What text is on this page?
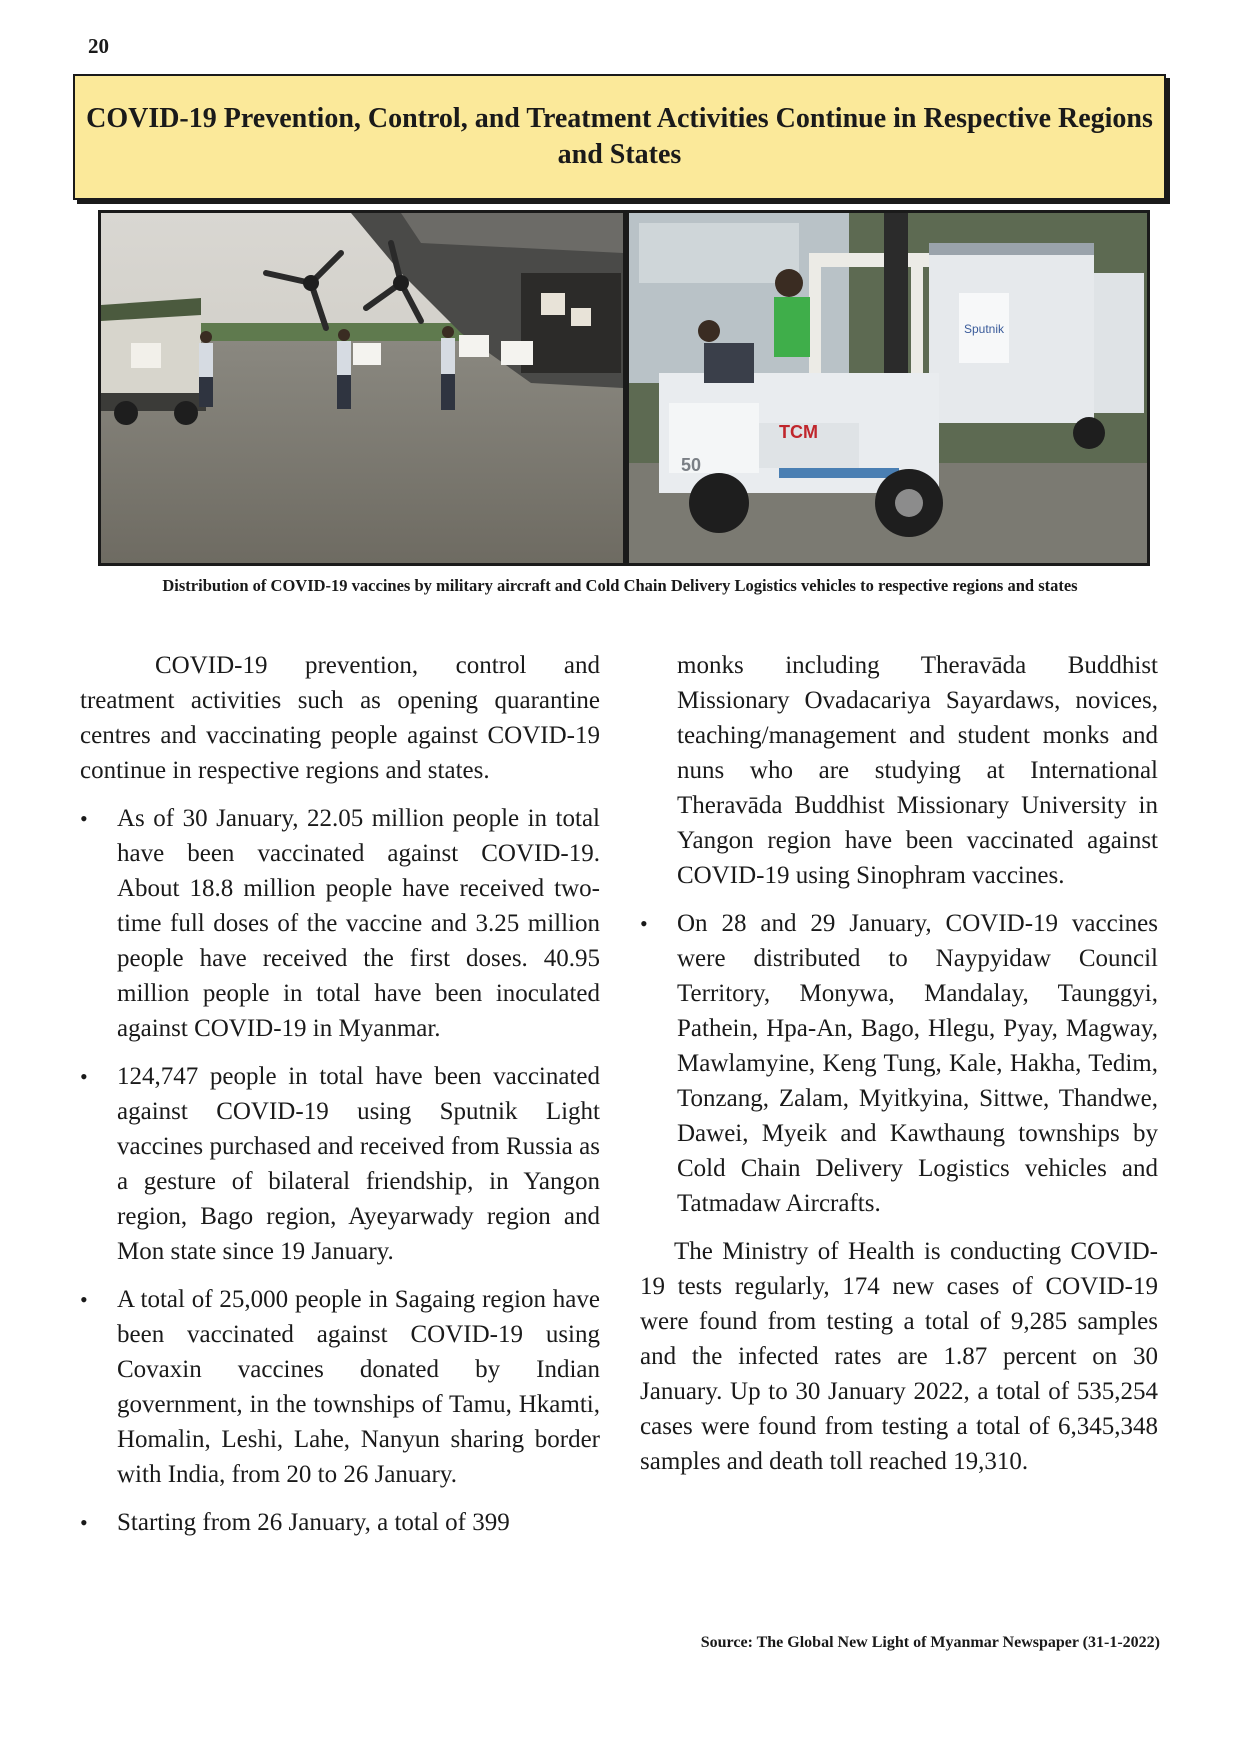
20
COVID-19 Prevention, Control, and Treatment Activities Continue in Respective Regions and States
Sputnik
TCM
50
Distribution of COVID-19 vaccines by military aircraft and Cold Chain Delivery Logistics vehicles to respective regions and states

COVID-19 prevention, control and treatment activities such as opening quarantine centres and vaccinating people against COVID-19 continue in respective regions and states.

• As of 30 January, 22.05 million people in total have been vaccinated against COVID-19. About 18.8 million people have received two-time full doses of the vaccine and 3.25 million people have received the first doses. 40.95 million people in total have been inoculated against COVID-19 in Myanmar.
• 124,747 people in total have been vaccinated against COVID-19 using Sputnik Light vaccines purchased and received from Russia as a gesture of bilateral friendship, in Yangon region, Bago region, Ayeyarwady region and Mon state since 19 January.
• A total of 25,000 people in Sagaing region have been vaccinated against COVID-19 using Covaxin vaccines donated by Indian government, in the townships of Tamu, Hkamti, Homalin, Leshi, Lahe, Nanyun sharing border with India, from 20 to 26 January.
• Starting from 26 January, a total of 399
monks including Theravāda Buddhist Missionary Ovadacariya Sayardaws, novices, teaching/management and student monks and nuns who are studying at International Theravāda Buddhist Missionary University in Yangon region have been vaccinated against COVID-19 using Sinophram vaccines.
• On 28 and 29 January, COVID-19 vaccines were distributed to Naypyidaw Council Territory, Monywa, Mandalay, Taunggyi, Pathein, Hpa-An, Bago, Hlegu, Pyay, Magway, Mawlamyine, Keng Tung, Kale, Hakha, Tedim, Tonzang, Zalam, Myitkyina, Sittwe, Thandwe, Dawei, Myeik and Kawthaung townships by Cold Chain Delivery Logistics vehicles and Tatmadaw Aircrafts.

The Ministry of Health is conducting COVID-19 tests regularly, 174 new cases of COVID-19 were found from testing a total of 9,285 samples and the infected rates are 1.87 percent on 30 January. Up to 30 January 2022, a total of 535,254 cases were found from testing a total of 6,345,348 samples and death toll reached 19,310.

Source: The Global New Light of Myanmar Newspaper (31-1-2022)
